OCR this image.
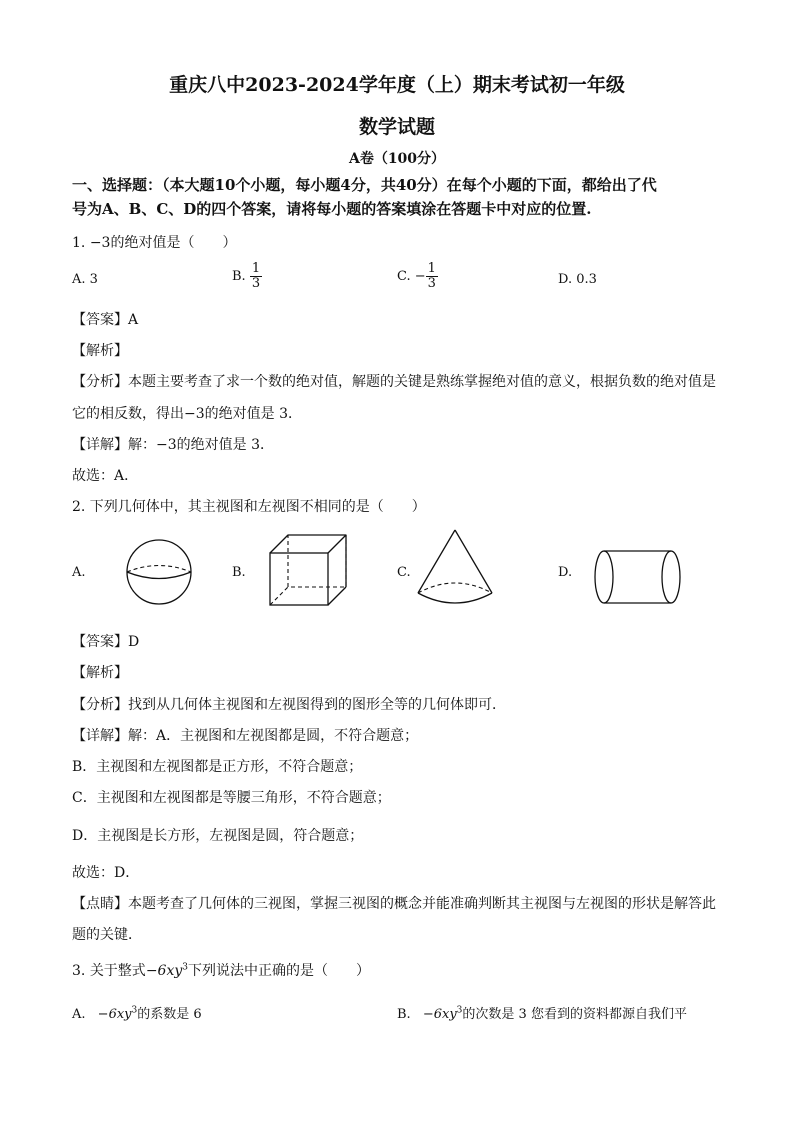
重庆八中2023-2024学年度（上）期末考试初一年级
数学试题
A卷（100分）
一、选择题：（本大题10个小题，每小题4分，共40分）在每个小题的下面，都给出了代
号为A、B、C、D的四个答案，请将每小题的答案填涂在答题卡中对应的位置.
1. −3的绝对值是（　　）
A. 3	B. $\frac{1}{3}$	C. − $\frac{1}{3}$	D. 0.3
【答案】A
【解析】
【分析】本题主要考查了求一个数的绝对值，解题的关键是熟练掌握绝对值的意义，根据负数的绝对值是
它的相反数，得出−3的绝对值是 3．
【详解】解：−3的绝对值是 3．
故选：A．
2. 下列几何体中，其主视图和左视图不相同的是（　　）
A.	B.	C.	D.
【答案】D
【解析】
【分析】找到从几何体主视图和左视图得到的图形全等的几何体即可．
【详解】解：A．主视图和左视图都是圆，不符合题意；
B．主视图和左视图都是正方形，不符合题意；
C．主视图和左视图都是等腰三角形，不符合题意；
D．主视图是长方形，左视图是圆，符合题意；
故选：D．
【点睛】本题考查了几何体的三视图，掌握三视图的概念并能准确判断其主视图与左视图的形状是解答此
题的关键．
3. 关于整式$-6xy^3$下列说法中正确的是（　　）
A. $-6xy^3$的系数是 6	B. $-6xy^3$的次数是 3 您看到的资料都源自我们平
